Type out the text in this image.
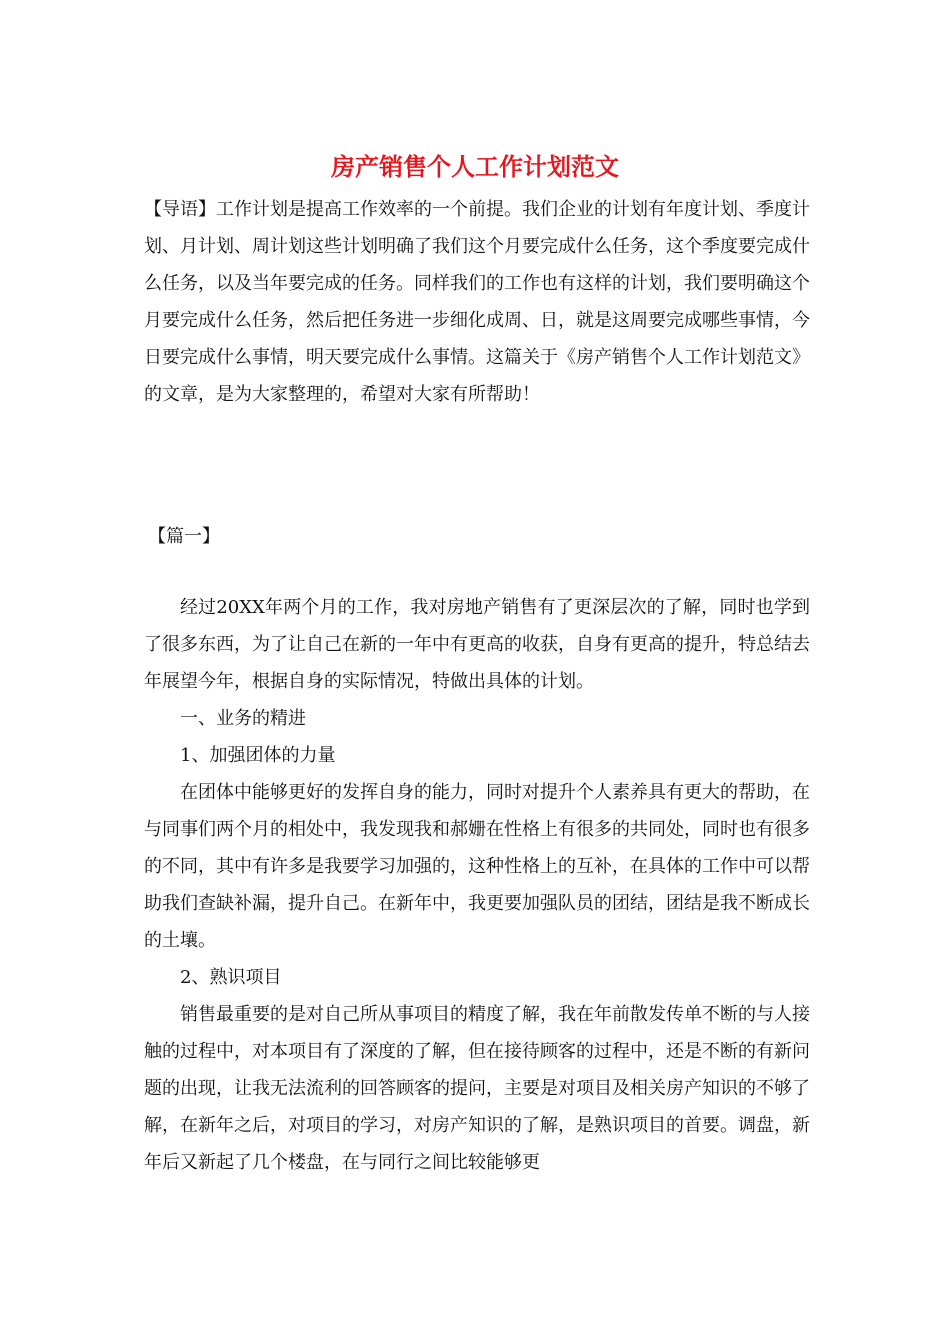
房产销售个人工作计划范文
【导语】工作计划是提高工作效率的一个前提。我们企业的计划有年度计划、季度计划、月计划、周计划这些计划明确了我们这个月要完成什么任务，这个季度要完成什么任务，以及当年要完成的任务。同样我们的工作也有这样的计划，我们要明确这个月要完成什么任务，然后把任务进一步细化成周、日，就是这周要完成哪些事情，今日要完成什么事情，明天要完成什么事情。这篇关于《房产销售个人工作计划范文》的文章，是为大家整理的，希望对大家有所帮助！
【篇一】

经过20XX年两个月的工作，我对房地产销售有了更深层次的了解，同时也学到了很多东西，为了让自己在新的一年中有更高的收获，自身有更高的提升，特总结去年展望今年，根据自身的实际情况，特做出具体的计划。

一、业务的精进

1、加强团体的力量

在团体中能够更好的发挥自身的能力，同时对提升个人素养具有更大的帮助，在与同事们两个月的相处中，我发现我和郝姗在性格上有很多的共同处，同时也有很多的不同，其中有许多是我要学习加强的，这种性格上的互补，在具体的工作中可以帮助我们查缺补漏，提升自己。在新年中，我更要加强队员的团结，团结是我不断成长的土壤。

2、熟识项目

销售最重要的是对自己所从事项目的精度了解，我在年前散发传单不断的与人接触的过程中，对本项目有了深度的了解，但在接待顾客的过程中，还是不断的有新问题的出现，让我无法流利的回答顾客的提问，主要是对项目及相关房产知识的不够了解，在新年之后，对项目的学习，对房产知识的了解，是熟识项目的首要。调盘，新年后又新起了几个楼盘，在与同行之间比较能够更
